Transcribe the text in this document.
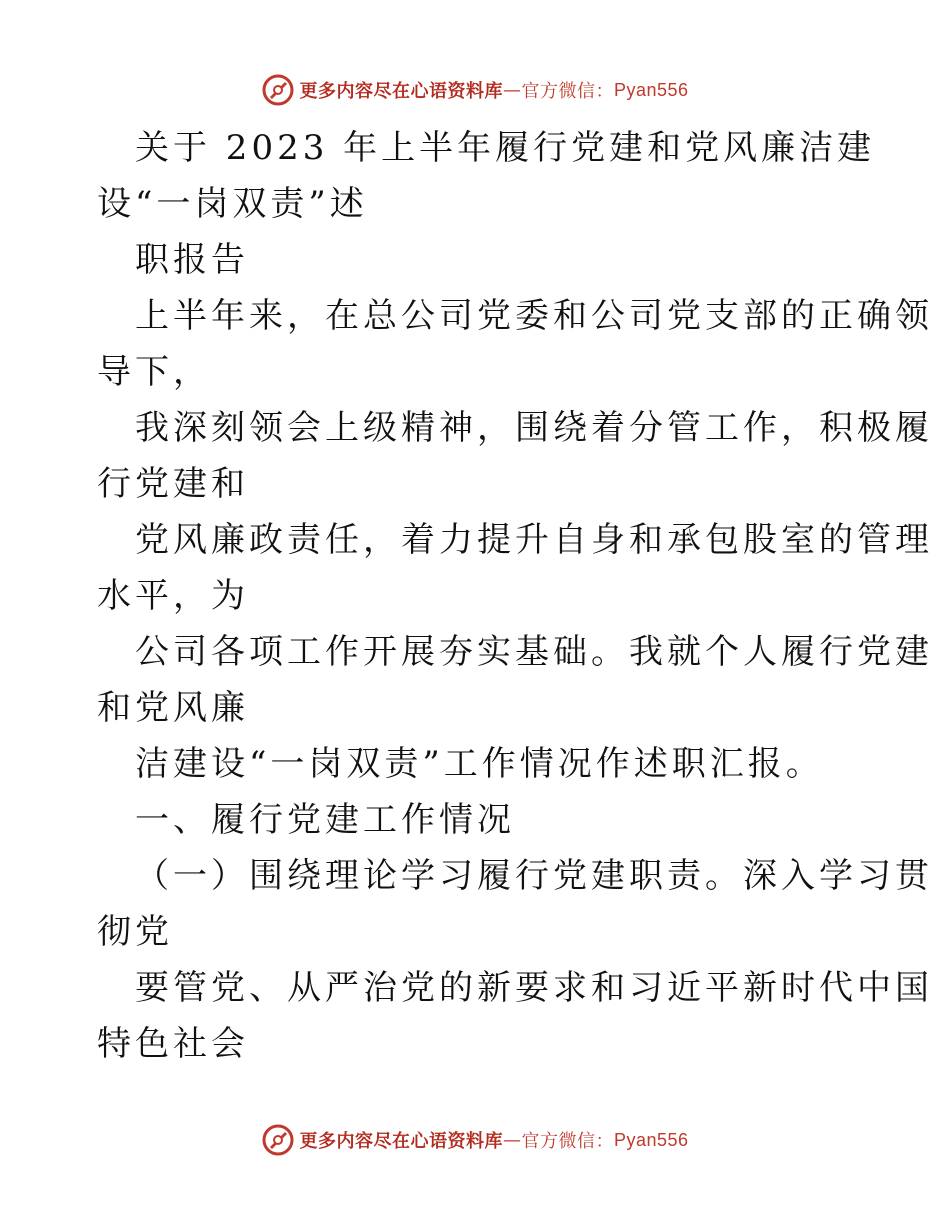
更多内容尽在心语资料库 — 官方微信： Pyan556
关于 2023 年上半年履行党建和党风廉洁建
设“一岗双责”述
职报告
上半年来，在总公司党委和公司党支部的正确领
导下，
我深刻领会上级精神，围绕着分管工作，积极履
行党建和
党风廉政责任，着力提升自身和承包股室的管理
水平，为
公司各项工作开展夯实基础。我就个人履行党建
和党风廉
洁建设“一岗双责”工作情况作述职汇报。
一、履行党建工作情况
（一）围绕理论学习履行党建职责。深入学习贯
彻党
要管党、从严治党的新要求和习近平新时代中国
特色社会
更多内容尽在心语资料库 — 官方微信： Pyan556
